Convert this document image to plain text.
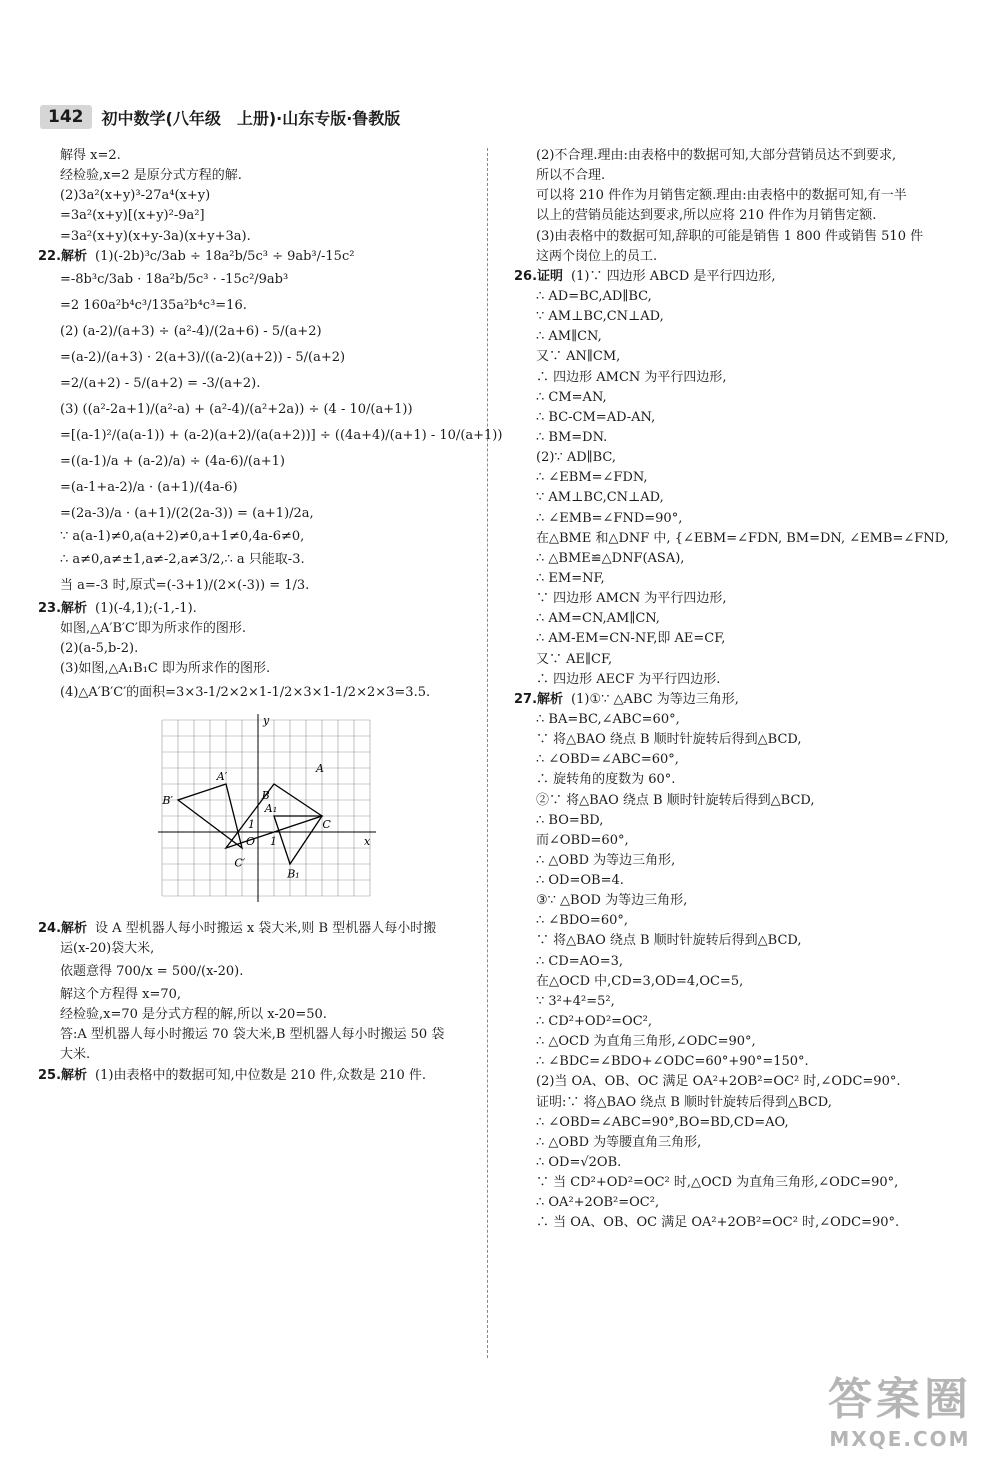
142	初中数学(八年级　上册)·山东专版·鲁教版
解得 x=2.
经检验,x=2 是原分式方程的解.
(2)3a²(x+y)³-27a⁴(x+y)
=3a²(x+y)[(x+y)²-9a²]
=3a²(x+y)(x+y-3a)(x+y+3a).
22.解析 (1)(-2b)³c/3ab ÷ 18a²b/5c³ ÷ 9ab³/-15c²
=-8b³c/3ab · 18a²b/5c³ · -15c²/9ab³
=2 160a²b⁴c³/135a²b⁴c³=16.
(2) (a-2)/(a+3) ÷ (a²-4)/(2a+6) - 5/(a+2)
=(a-2)/(a+3) · 2(a+3)/((a-2)(a+2)) - 5/(a+2)
=2/(a+2) - 5/(a+2) = -3/(a+2).
(3) ((a²-2a+1)/(a²-a) + (a²-4)/(a²+2a)) ÷ (4 - 10/(a+1))
=[(a-1)²/(a(a-1)) + (a-2)(a+2)/(a(a+2))] ÷ ((4a+4)/(a+1) - 10/(a+1))
=((a-1)/a + (a-2)/a) ÷ (4a-6)/(a+1)
=(a-1+a-2)/a · (a+1)/(4a-6)
=(2a-3)/a · (a+1)/(2(2a-3)) = (a+1)/2a,
∵ a(a-1)≠0,a(a+2)≠0,a+1≠0,4a-6≠0,
∴ a≠0,a≠±1,a≠-2,a≠3/2,∴ a 只能取-3.
当 a=-3 时,原式=(-3+1)/(2×(-3)) = 1/3.
23.解析 (1)(-4,1);(-1,-1).
如图,△A′B′C′即为所求作的图形.
(2)(a-5,b-2).
(3)如图,△A₁B₁C 即为所求作的图形.
(4)△A′B′C′的面积=3×3-1/2×2×1-1/2×3×1-1/2×2×3=3.5.
A
B
C
A′
B′
C′
A₁
B₁
x
y
O 1
1
24.解析 设 A 型机器人每小时搬运 x 袋大米,则 B 型机器人每小时搬
运(x-20)袋大米,
依题意得 700/x = 500/(x-20).
解这个方程得 x=70,
经检验,x=70 是分式方程的解,所以 x-20=50.
答:A 型机器人每小时搬运 70 袋大米,B 型机器人每小时搬运 50 袋
大米.
25.解析 (1)由表格中的数据可知,中位数是 210 件,众数是 210 件.
(2)不合理.理由:由表格中的数据可知,大部分营销员达不到要求,
所以不合理.
可以将 210 件作为月销售定额.理由:由表格中的数据可知,有一半
以上的营销员能达到要求,所以应将 210 件作为月销售定额.
(3)由表格中的数据可知,辞职的可能是销售 1 800 件或销售 510 件
这两个岗位上的员工.
26.证明 (1)∵ 四边形 ABCD 是平行四边形,
∴ AD=BC,AD∥BC,
∵ AM⊥BC,CN⊥AD,
∴ AM∥CN,
又∵ AN∥CM,
∴ 四边形 AMCN 为平行四边形,
∴ CM=AN,
∴ BC-CM=AD-AN,
∴ BM=DN.
(2)∵ AD∥BC,
∴ ∠EBM=∠FDN,
∵ AM⊥BC,CN⊥AD,
∴ ∠EMB=∠FND=90°,
在△BME 和△DNF 中, {∠EBM=∠FDN, BM=DN, ∠EMB=∠FND,
∴ △BME≌△DNF(ASA),
∴ EM=NF,
∵ 四边形 AMCN 为平行四边形,
∴ AM=CN,AM∥CN,
∴ AM-EM=CN-NF,即 AE=CF,
又∵ AE∥CF,
∴ 四边形 AECF 为平行四边形.
27.解析 (1)①∵ △ABC 为等边三角形,
∴ BA=BC,∠ABC=60°,
∵ 将△BAO 绕点 B 顺时针旋转后得到△BCD,
∴ ∠OBD=∠ABC=60°,
∴ 旋转角的度数为 60°.
②∵ 将△BAO 绕点 B 顺时针旋转后得到△BCD,
∴ BO=BD,
而∠OBD=60°,
∴ △OBD 为等边三角形,
∴ OD=OB=4.
③∵ △BOD 为等边三角形,
∴ ∠BDO=60°,
∵ 将△BAO 绕点 B 顺时针旋转后得到△BCD,
∴ CD=AO=3,
在△OCD 中,CD=3,OD=4,OC=5,
∵ 3²+4²=5²,
∴ CD²+OD²=OC²,
∴ △OCD 为直角三角形,∠ODC=90°,
∴ ∠BDC=∠BDO+∠ODC=60°+90°=150°.
(2)当 OA、OB、OC 满足 OA²+2OB²=OC² 时,∠ODC=90°.
证明:∵ 将△BAO 绕点 B 顺时针旋转后得到△BCD,
∴ ∠OBD=∠ABC=90°,BO=BD,CD=AO,
∴ △OBD 为等腰直角三角形,
∴ OD=√2OB.
∵ 当 CD²+OD²=OC² 时,△OCD 为直角三角形,∠ODC=90°,
∴ OA²+2OB²=OC²,
∴ 当 OA、OB、OC 满足 OA²+2OB²=OC² 时,∠ODC=90°.
答案圈
MXQE.COM
